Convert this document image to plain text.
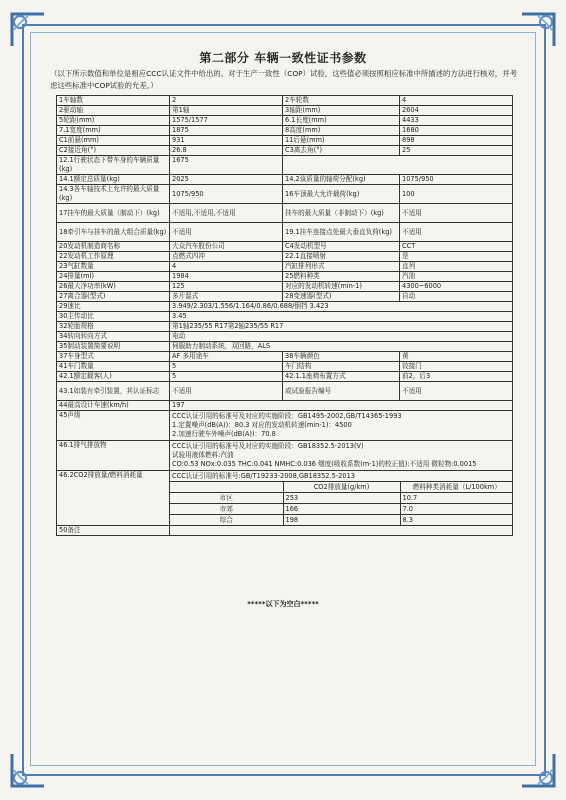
第二部分 车辆一致性证书参数
（以下所示数值和单位是相应CCC认证文件中给出的。对于生产一致性（COP）试验，这些值必须按照相应标准中所描述的方法进行核对，并考虑这些标准中COP试验的允差。）
1车轴数	2	2车轮数	4
2驱动轴	第1轴	3轴距(mm)	2604
5轮距(mm)	1575/1577	6.1长度(mm)	4433
7.1宽度(mm)	1875	8高度(mm)	1680
C1前悬(mm)	931	11后悬(mm)	898
C2接近角(°)	26.8	C3离去角(°)	25
12.1行驶状态下带车身的车辆质量(kg)	1675	
14.1额定总质量(kg)	2025	14.2该质量的轴荷分配(kg)	1075/950
14.3各车轴技术上允许的最大质量(kg)	1075/950	16车顶最大允许载荷(kg)	100
17挂车的最大质量（制动下）(kg)	不适用,不适用,不适用	挂车的最大质量（非制动下）(kg)	不适用
18牵引车与挂车的最大组合质量(kg)	不适用	19.1挂车连接点处最大垂直负荷(kg)	不适用
20发动机制造商名称	大众汽车股份公司	C4发动机型号	CCT
22发动机工作原理	点燃式四冲	22.1直接喷射	是
23气缸数量	4	汽缸排列形式	直列
24排量(ml)	1984	25燃料种类	汽油
26最大净功率(kW)	125	对应的发动机转速(min-1)	4300~6000
27离合器(型式)	多片湿式	28变速器(型式)	自动
29速比	3.949/2.303/1.556/1.164/0.86/0.688/倒挡 3.423
30主传动比	3.45
32轮胎规格	第1轴235/55 R17第2轴235/55 R17
34转向转向方式	电动
35制动装置简要说明	伺服助力制动系统，双回路，ALS
37车身型式	AF 多用途车	38车辆颜色	黄
41车门数量	5	车门结构	铰接门
42.1额定载客(人)	5	42.1.1座椅布置方式	前2，后3
43.1如装有牵引装置，其认证标志	不适用	或试验报告编号	不适用
44最高设计车速(km/h)	197
45声级	CCC认证引用的标准号及对应的实施阶段：GB1495-2002,GB/T14365-1993
1.定置噪声(dB(A))：80.3 对应的发动机转速(min-1)：4500
2.加速行驶车外噪声(dB(A))：70.8

46.1排气排放物	CCC认证引用的标准号及对应的实施阶段：GB18352.5-2013(V)
试验用液体燃料:汽油
CO:0.53 NOx:0.035 THC:0.041 NMHC:0.036 烟度(吸收系数(m-1)的校正值):不适用 微粒物:0.0015

46.2CO2排放量/燃料消耗量		CCC认证引用的标准号:GB/T19233-2008,GB18352.5-2013
	CO2排放量(g/km)	燃料种类消耗量（L/100km）
市区	253	10.7
市郊	166	7.0
综合	198	8.3

50备注	
*****以下为空白*****
